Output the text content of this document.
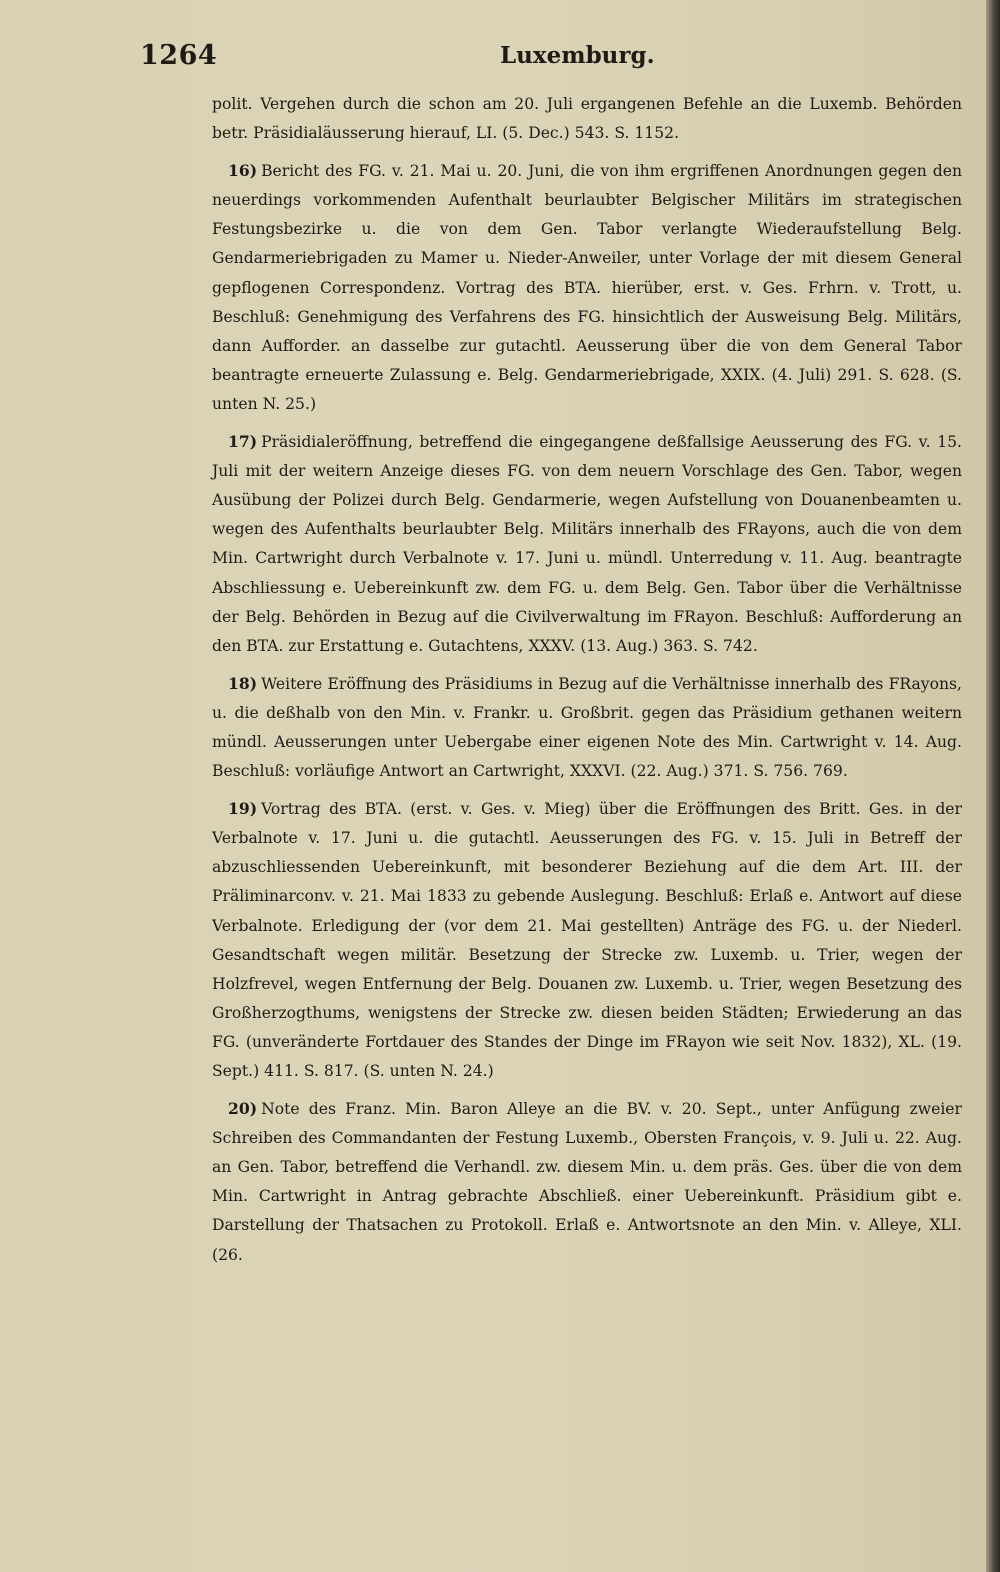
1264	Luxemburg.

polit. Vergehen durch die schon am 20. Juli ergangenen Befehle an die Luxemb. Behörden betr. Präsidialäusserung hierauf, LI. (5. Dec.) 543. S. 1152.

16) Bericht des FG. v. 21. Mai u. 20. Juni, die von ihm ergriffenen Anordnungen gegen den neuerdings vorkommenden Aufenthalt beurlaubter Belgischer Militärs im strategischen Festungsbezirke u. die von dem Gen. Tabor verlangte Wiederaufstellung Belg. Gendarmeriebrigaden zu Mamer u. Nieder-Anweiler, unter Vorlage der mit diesem General gepflogenen Correspondenz. Vortrag des BTA. hierüber, erst. v. Ges. Frhrn. v. Trott, u. Beschluß: Genehmigung des Verfahrens des FG. hinsichtlich der Ausweisung Belg. Militärs, dann Aufforder. an dasselbe zur gutachtl. Aeusserung über die von dem General Tabor beantragte erneuerte Zulassung e. Belg. Gendarmeriebrigade, XXIX. (4. Juli) 291. S. 628. (S. unten N. 25.)

17) Präsidialeröffnung, betreffend die eingegangene deßfallsige Aeusserung des FG. v. 15. Juli mit der weitern Anzeige dieses FG. von dem neuern Vorschlage des Gen. Tabor, wegen Ausübung der Polizei durch Belg. Gendarmerie, wegen Aufstellung von Douanenbeamten u. wegen des Aufenthalts beurlaubter Belg. Militärs innerhalb des FRayons, auch die von dem Min. Cartwright durch Verbalnote v. 17. Juni u. mündl. Unterredung v. 11. Aug. beantragte Abschliessung e. Uebereinkunft zw. dem FG. u. dem Belg. Gen. Tabor über die Verhältnisse der Belg. Behörden in Bezug auf die Civilverwaltung im FRayon. Beschluß: Aufforderung an den BTA. zur Erstattung e. Gutachtens, XXXV. (13. Aug.) 363. S. 742.

18) Weitere Eröffnung des Präsidiums in Bezug auf die Verhältnisse innerhalb des FRayons, u. die deßhalb von den Min. v. Frankr. u. Großbrit. gegen das Präsidium gethanen weitern mündl. Aeusserungen unter Uebergabe einer eigenen Note des Min. Cartwright v. 14. Aug. Beschluß: vorläufige Antwort an Cartwright, XXXVI. (22. Aug.) 371. S. 756. 769.

19) Vortrag des BTA. (erst. v. Ges. v. Mieg) über die Eröffnungen des Britt. Ges. in der Verbalnote v. 17. Juni u. die gutachtl. Aeusserungen des FG. v. 15. Juli in Betreff der abzuschliessenden Uebereinkunft, mit besonderer Beziehung auf die dem Art. III. der Präliminarconv. v. 21. Mai 1833 zu gebende Auslegung. Beschluß: Erlaß e. Antwort auf diese Verbalnote. Erledigung der (vor dem 21. Mai gestellten) Anträge des FG. u. der Niederl. Gesandtschaft wegen militär. Besetzung der Strecke zw. Luxemb. u. Trier, wegen der Holzfrevel, wegen Entfernung der Belg. Douanen zw. Luxemb. u. Trier, wegen Besetzung des Großherzogthums, wenigstens der Strecke zw. diesen beiden Städten; Erwiederung an das FG. (unveränderte Fortdauer des Standes der Dinge im FRayon wie seit Nov. 1832), XL. (19. Sept.) 411. S. 817. (S. unten N. 24.)

20) Note des Franz. Min. Baron Alleye an die BV. v. 20. Sept., unter Anfügung zweier Schreiben des Commandanten der Festung Luxemb., Obersten François, v. 9. Juli u. 22. Aug. an Gen. Tabor, betreffend die Verhandl. zw. diesem Min. u. dem präs. Ges. über die von dem Min. Cartwright in Antrag gebrachte Abschließ. einer Uebereinkunft. Präsidium gibt e. Darstellung der Thatsachen zu Protokoll. Erlaß e. Antwortsnote an den Min. v. Alleye, XLI. (26.
